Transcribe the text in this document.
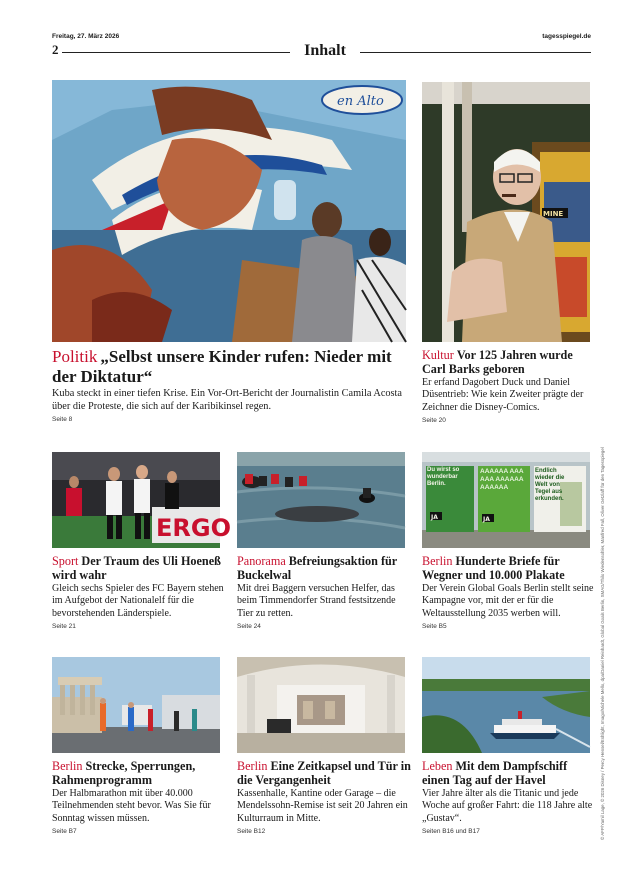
Freitag, 27. März 2026	tagesspiegel.de
2	Inhalt
en Alto
MINE

Politik „Selbst unsere Kinder rufen: Nieder mit der Diktatur“

Kuba steckt in einer tiefen Krise. Ein Vor-Ort-Bericht der Journalistin Camila Acosta über die Proteste, die sich auf der Karibikinsel regen.

Seite 8

Kultur Vor 125 Jahren wurde Carl Barks geboren

Er erfand Dagobert Duck und Daniel Düsentrieb: Wie kein Zweiter prägte der Zeichner die Disney-Comics.

Seite 20
ERGO
Du wirst so wunderbar Berlin.
AAAAAA AAAAAA AAAAAA AAAAAA
Endlich wieder die Welt von Tegel aus erkunden.
JA	JA

Sport Der Traum des Uli Hoeneß wird wahr

Gleich sechs Spieler des FC Bayern stehen im Aufgebot der Nationalelf für die bevorstehenden Länderspiele.

Seite 21

Panorama Befreiungsaktion für Buckelwal

Mit drei Baggern versuchen Helfer, das beim Timmendorfer Strand festsitzende Tier zu retten.

Seite 24

Berlin Hunderte Briefe für Wegner und 10.000 Plakate

Der Verein Global Goals Berlin stellt seine Kampagne vor, mit der er für die Weltausstellung 2035 werben will.

Seite B5

Berlin Strecke, Sperrungen, Rahmenprogramm

Der Halbmarathon mit über 40.000 Teilnehmenden steht bevor. Was Sie für Sonntag wissen müssen.

Seite B7

Berlin Eine Zeitkapsel und Tür in die Vergangenheit

Kassenhalle, Kantine oder Garage – die Mendelssohn-Remise ist seit 20 Jahren ein Kulturraum in Mitte.

Seite B12

Leben Mit dem Dampfschiff einen Tag auf der Havel

Vier Jahre älter als die Titanic und jede Woche auf großer Fahrt: die 118 Jahre alte „Gustav“.

Seiten B16 und B17	© AFP/Yamil Lage, © 2026 Disney / Percy Hensel/Eshlight, Imago/Michele Mello, dpa/Daniel Reinhardt, Global Goals Berlin, SMAG/Thilo Wiedensohler, Manfred Fall, Oliver Getzlaff für den Tagesspiegel
